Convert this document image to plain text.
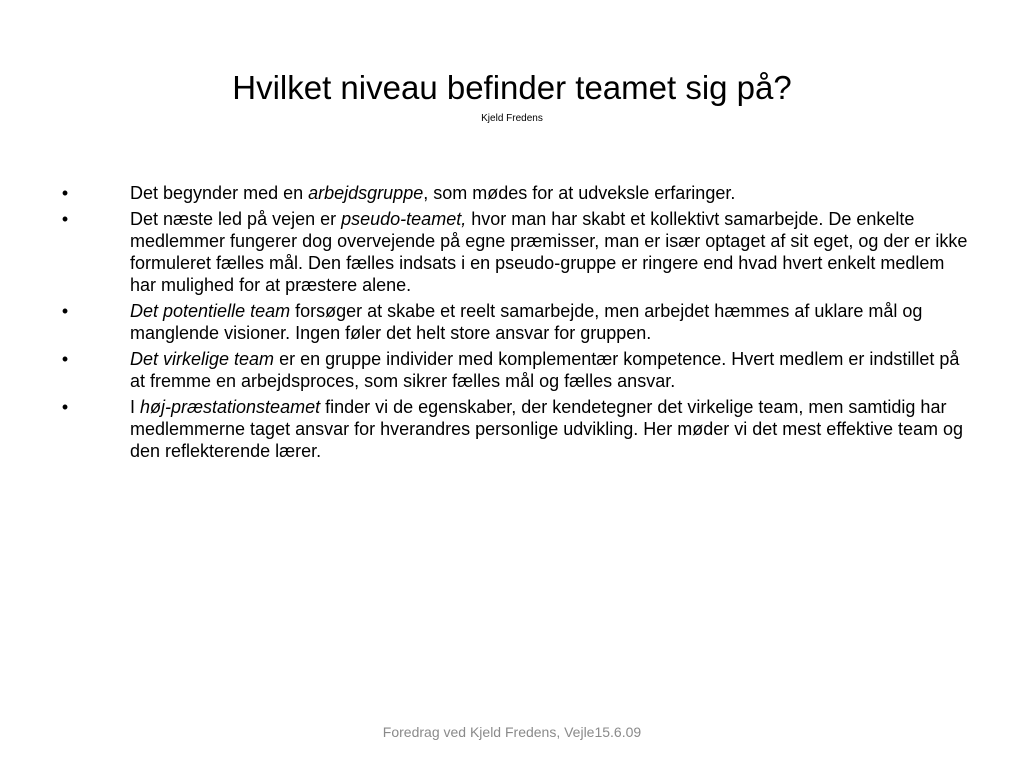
Hvilket niveau befinder teamet sig på?

Kjeld Fredens

•	Det begynder med en arbejdsgruppe, som mødes for at udveksle erfaringer.
•	Det næste led på vejen er pseudo-teamet, hvor man har skabt et kollektivt samarbejde. De enkelte medlemmer fungerer dog overvejende på egne præmisser, man er især optaget af sit eget, og der er ikke formuleret fælles mål. Den fælles indsats i en pseudo-gruppe er ringere end hvad hvert enkelt medlem har mulighed for at præstere alene.
•	Det potentielle team forsøger at skabe et reelt samarbejde, men arbejdet hæmmes af uklare mål og manglende visioner. Ingen føler det helt store ansvar for gruppen.
•	Det virkelige team er en gruppe individer med komplementær kompetence. Hvert medlem er indstillet på at fremme en arbejdsproces, som sikrer fælles mål og fælles ansvar.
•	I høj-præstationsteamet finder vi de egenskaber, der kendetegner det virkelige team, men samtidig har medlemmerne taget ansvar for hverandres personlige udvikling. Her møder vi det mest effektive team og den reflekterende lærer.
Foredrag ved Kjeld Fredens, Vejle15.6.09
